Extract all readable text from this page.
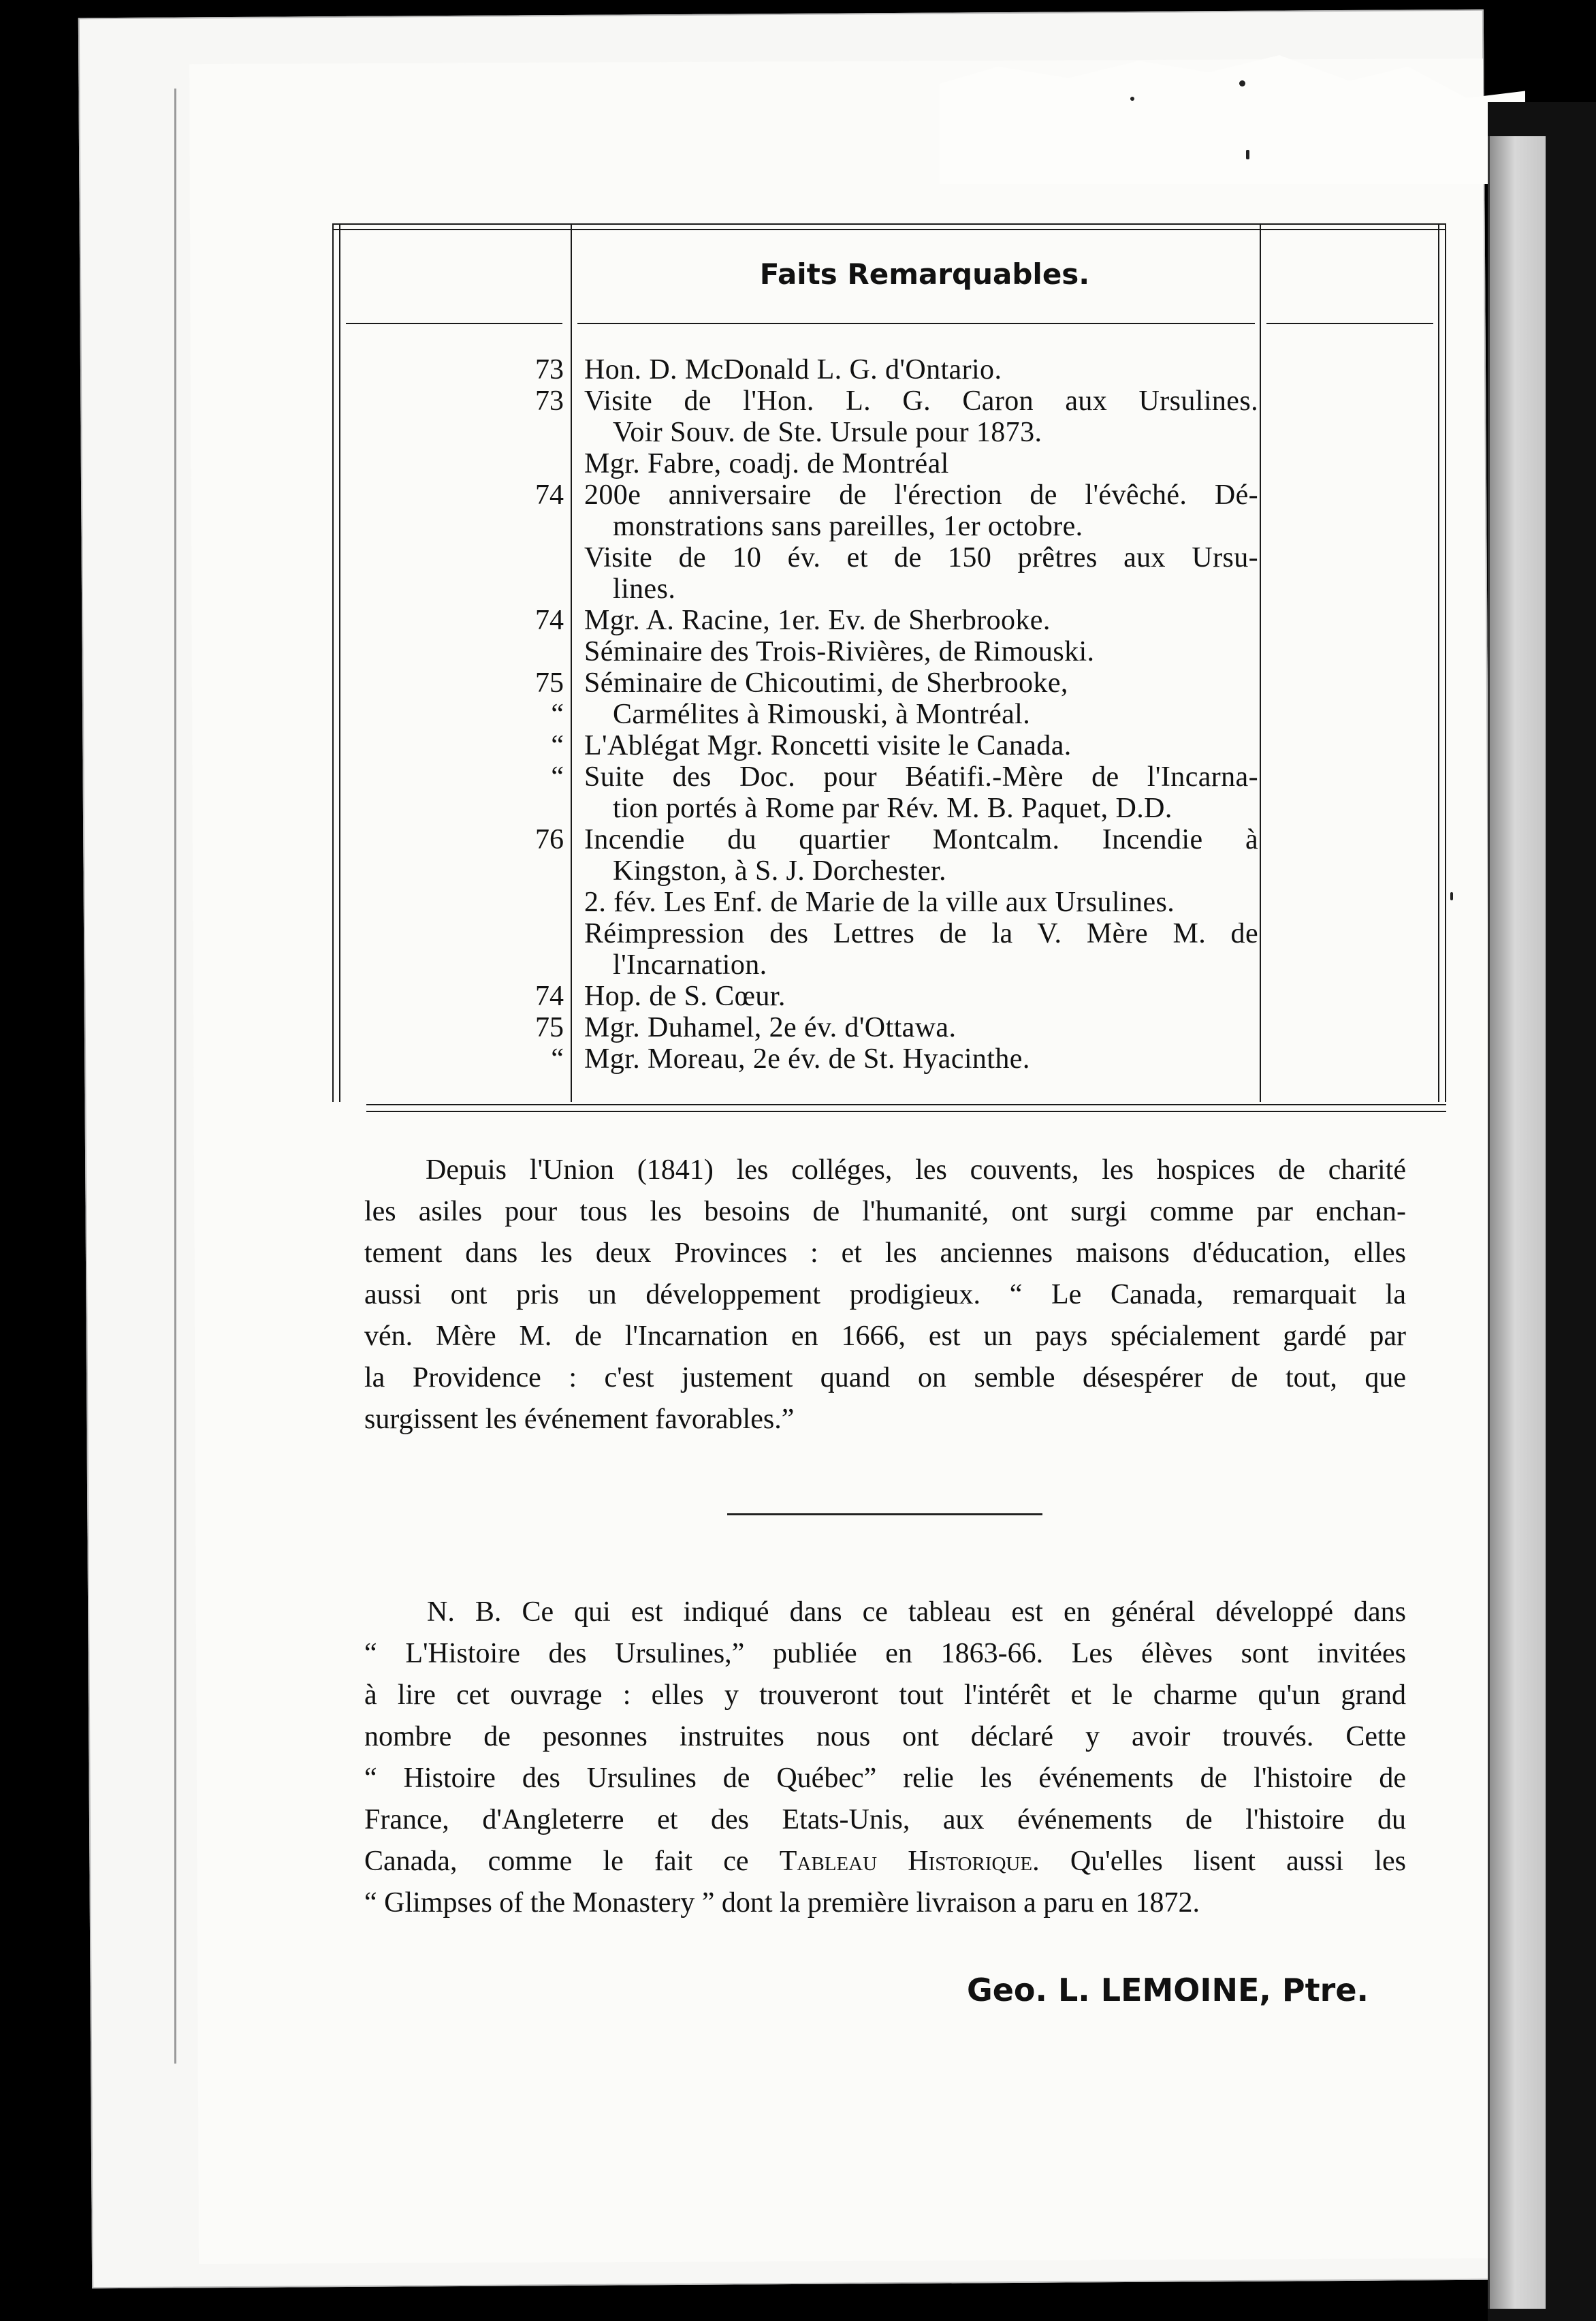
Faits Remarquables.
73 Hon. D. McDonald L. G. d'Ontario.
73 Visite de l'Hon. L. G. Caron aux Ursulines.
Voir Souv. de Ste. Ursule pour 1873.
Mgr. Fabre, coadj. de Montréal
74 200e anniversaire de l'érection de l'évêché. Dé-
monstrations sans pareilles, 1er octobre.
Visite de 10 év. et de 150 prêtres aux Ursu-
lines.
74 Mgr. A. Racine, 1er. Ev. de Sherbrooke.
Séminaire des Trois-Rivières, de Rimouski.
75 Séminaire de Chicoutimi, de Sherbrooke,
“ Carmélites à Rimouski, à Montréal.
“ L'Ablégat Mgr. Roncetti visite le Canada.
“ Suite des Doc. pour Béatifi.-Mère de l'Incarna-
tion portés à Rome par Rév. M. B. Paquet, D.D.
76 Incendie du quartier Montcalm. Incendie à
Kingston, à S. J. Dorchester.
2. fév. Les Enf. de Marie de la ville aux Ursulines.
Réimpression des Lettres de la V. Mère M. de
l'Incarnation.
74 Hop. de S. Cœur.
75 Mgr. Duhamel, 2e év. d'Ottawa.
“ Mgr. Moreau, 2e év. de St. Hyacinthe.
Depuis l'Union (1841) les colléges, les couvents, les hospices de charité
les asiles pour tous les besoins de l'humanité, ont surgi comme par enchan-
tement dans les deux Provinces : et les anciennes maisons d'éducation, elles
aussi ont pris un développement prodigieux. “ Le Canada, remarquait la
vén. Mère M. de l'Incarnation en 1666, est un pays spécialement gardé par
la Providence : c'est justement quand on semble désespérer de tout, que
surgissent les événement favorables.”
N. B. Ce qui est indiqué dans ce tableau est en général développé dans
“ L'Histoire des Ursulines,” publiée en 1863-66. Les élèves sont invitées
à lire cet ouvrage : elles y trouveront tout l'intérêt et le charme qu'un grand
nombre de pesonnes instruites nous ont déclaré y avoir trouvés. Cette
“ Histoire des Ursulines de Québec” relie les événements de l'histoire de
France, d'Angleterre et des Etats-Unis, aux événements de l'histoire du
Canada, comme le fait ce Tableau Historique. Qu'elles lisent aussi les
“ Glimpses of the Monastery ” dont la première livraison a paru en 1872.
Geo. L. LEMOINE, Ptre.
